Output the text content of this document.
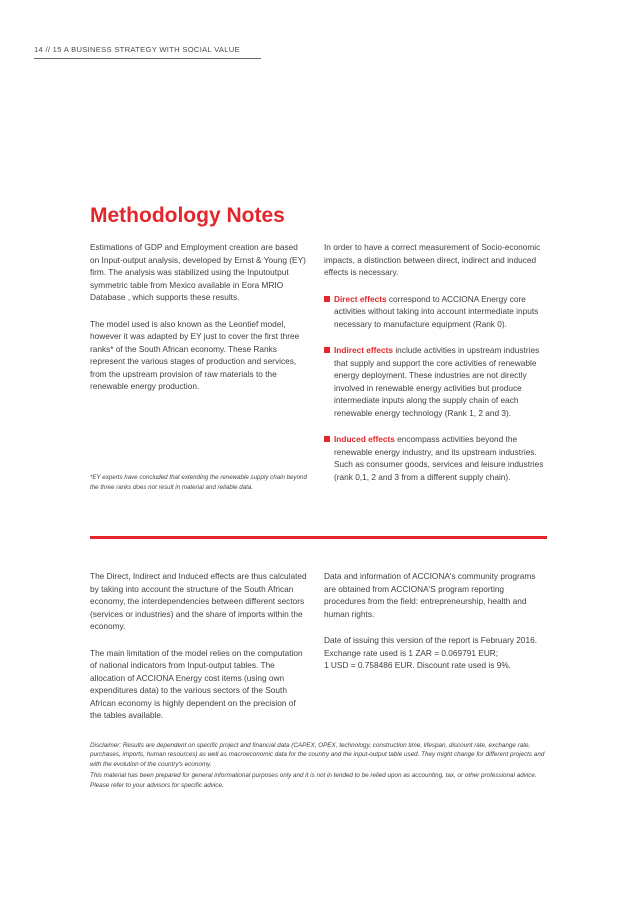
14 // 15 A BUSINESS STRATEGY WITH SOCIAL VALUE
Methodology Notes

Estimations of GDP and Employment creation are based on Input-output analysis, developed by Ernst & Young (EY) firm. The analysis was stabilized using the Inputoutput symmetric table from Mexico available in Eora MRIO Database , which supports these results.

The model used is also known as the Leontief model, however it was adapted by EY just to cover the first three ranks* of the South African economy. These Ranks represent the various stages of production and services, from the upstream provision of raw materials to the renewable energy production.

*EY experts have concluded that extending the renewable supply chain beyond the three ranks does not result in material and reliable data.

In order to have a correct measurement of Socio-economic impacts, a distinction between direct, indirect and induced effects is necessary.

Direct effects correspond to ACCIONA Energy core activities without taking into account intermediate inputs necessary to manufacture equipment (Rank 0).
Indirect effects include activities in upstream industries that supply and support the core activities of renewable energy deployment. These industries are not directly involved in renewable energy activities but produce intermediate inputs along the supply chain of each renewable energy technology (Rank 1, 2 and 3).
Induced effects encompass activities beyond the renewable energy industry, and its upstream industries. Such as consumer goods, services and leisure industries (rank 0,1, 2 and 3 from a different supply chain).

The Direct, Indirect and Induced effects are thus calculated by taking into account the structure of the South African economy, the interdependencies between different sectors (services or industries) and the share of imports within the economy.

The main limitation of the model relies on the computation of national indicators from Input-output tables. The allocation of ACCIONA Energy cost items (using own expenditures data) to the various sectors of the South African economy is highly dependent on the precision of the tables available.

Data and information of ACCIONA's community programs are obtained from ACCIONA'S program reporting procedures from the field: entrepreneurship, health and human rights.

Date of issuing this version of the report is February 2016.
Exchange rate used is 1 ZAR = 0.069791 EUR;
1 USD = 0.758486 EUR. Discount rate used is 9%.

Disclaimer: Results are dependent on specific project and financial data (CAPEX, OPEX, technology, construction time, lifespan, discount rate, exchange rate, purchases, imports, human resources) as well as macroeconomic data for the country and the input-output table used. They might change for different projects and with the evolution of the country's economy.

This material has been prepared for general informational purposes only and it is not in tended to be relied upon as accounting, tax, or other professional advice. Please refer to your advisors for specific advice.
